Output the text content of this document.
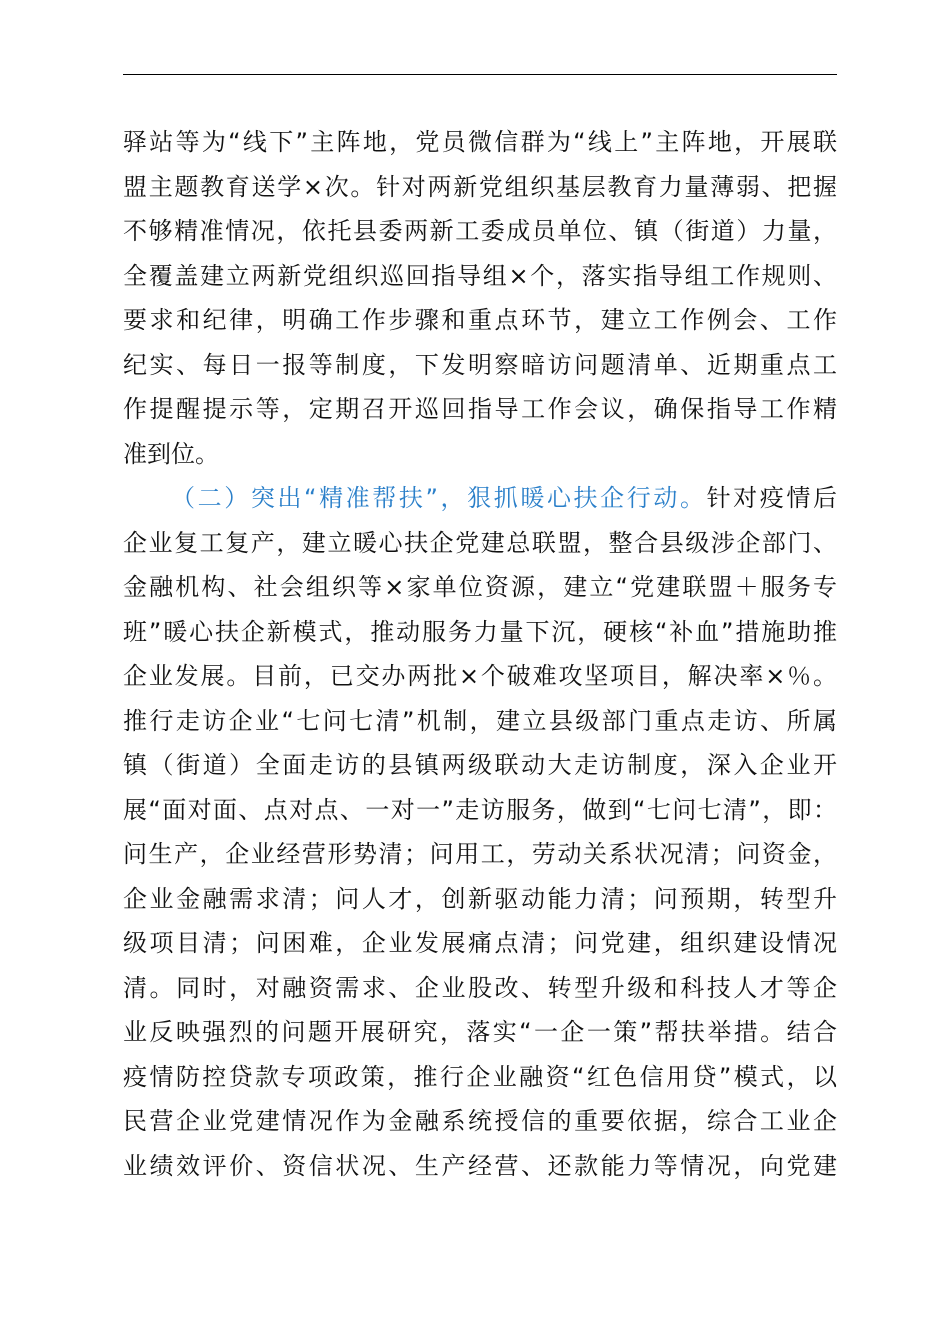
驿站等为“线下”主阵地，党员微信群为“线上”主阵地，开展联
盟主题教育送学×次。针对两新党组织基层教育力量薄弱、把握
不够精准情况，依托县委两新工委成员单位、镇（街道）力量，
全覆盖建立两新党组织巡回指导组×个，落实指导组工作规则、
要求和纪律，明确工作步骤和重点环节，建立工作例会、工作
纪实、每日一报等制度，下发明察暗访问题清单、近期重点工
作提醒提示等，定期召开巡回指导工作会议，确保指导工作精
准到位。
（二）突出“精准帮扶”，狠抓暖心扶企行动。针对疫情后
企业复工复产，建立暖心扶企党建总联盟，整合县级涉企部门、
金融机构、社会组织等×家单位资源，建立“党建联盟＋服务专
班”暖心扶企新模式，推动服务力量下沉，硬核“补血”措施助推
企业发展。目前，已交办两批×个破难攻坚项目，解决率×％。
推行走访企业“七问七清”机制，建立县级部门重点走访、所属
镇（街道）全面走访的县镇两级联动大走访制度，深入企业开
展“面对面、点对点、一对一”走访服务，做到“七问七清”，即：
问生产，企业经营形势清；问用工，劳动关系状况清；问资金，
企业金融需求清；问人才，创新驱动能力清；问预期，转型升
级项目清；问困难，企业发展痛点清；问党建，组织建设情况
清。同时，对融资需求、企业股改、转型升级和科技人才等企
业反映强烈的问题开展研究，落实“一企一策”帮扶举措。结合
疫情防控贷款专项政策，推行企业融资“红色信用贷”模式，以
民营企业党建情况作为金融系统授信的重要依据，综合工业企
业绩效评价、资信状况、生产经营、还款能力等情况，向党建
